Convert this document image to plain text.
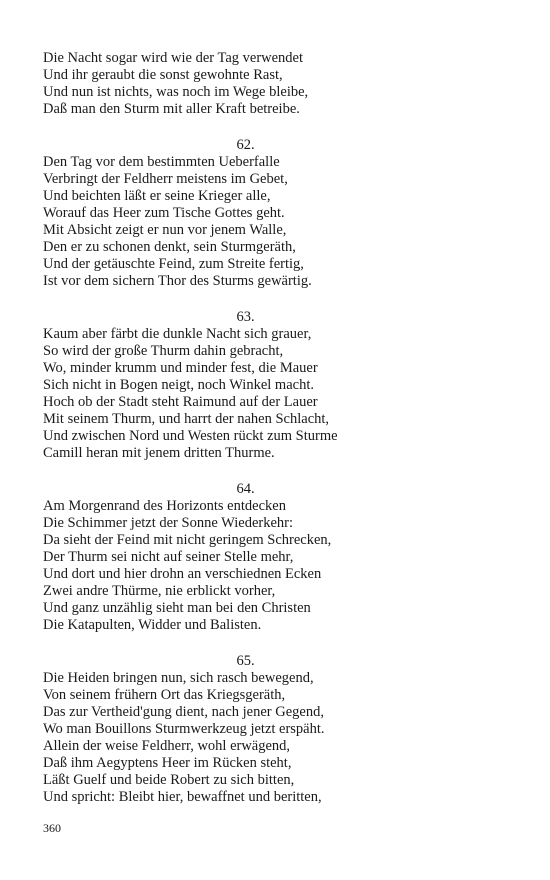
Die Nacht sogar wird wie der Tag verwendet
Und ihr geraubt die sonst gewohnte Rast,
Und nun ist nichts, was noch im Wege bleibe,
Daß man den Sturm mit aller Kraft betreibe.
62.
Den Tag vor dem bestimmten Ueberfalle
Verbringt der Feldherr meistens im Gebet,
Und beichten läßt er seine Krieger alle,
Worauf das Heer zum Tische Gottes geht.
Mit Absicht zeigt er nun vor jenem Walle,
Den er zu schonen denkt, sein Sturmgeräth,
Und der getäuschte Feind, zum Streite fertig,
Ist vor dem sichern Thor des Sturms gewärtig.
63.
Kaum aber färbt die dunkle Nacht sich grauer,
So wird der große Thurm dahin gebracht,
Wo, minder krumm und minder fest, die Mauer
Sich nicht in Bogen neigt, noch Winkel macht.
Hoch ob der Stadt steht Raimund auf der Lauer
Mit seinem Thurm, und harrt der nahen Schlacht,
Und zwischen Nord und Westen rückt zum Sturme
Camill heran mit jenem dritten Thurme.
64.
Am Morgenrand des Horizonts entdecken
Die Schimmer jetzt der Sonne Wiederkehr:
Da sieht der Feind mit nicht geringem Schrecken,
Der Thurm sei nicht auf seiner Stelle mehr,
Und dort und hier drohn an verschiednen Ecken
Zwei andre Thürme, nie erblickt vorher,
Und ganz unzählig sieht man bei den Christen
Die Katapulten, Widder und Balisten.
65.
Die Heiden bringen nun, sich rasch bewegend,
Von seinem frühern Ort das Kriegsgeräth,
Das zur Vertheid'gung dient, nach jener Gegend,
Wo man Bouillons Sturmwerkzeug jetzt erspäht.
Allein der weise Feldherr, wohl erwägend,
Daß ihm Aegyptens Heer im Rücken steht,
Läßt Guelf und beide Robert zu sich bitten,
Und spricht: Bleibt hier, bewaffnet und beritten,
360
